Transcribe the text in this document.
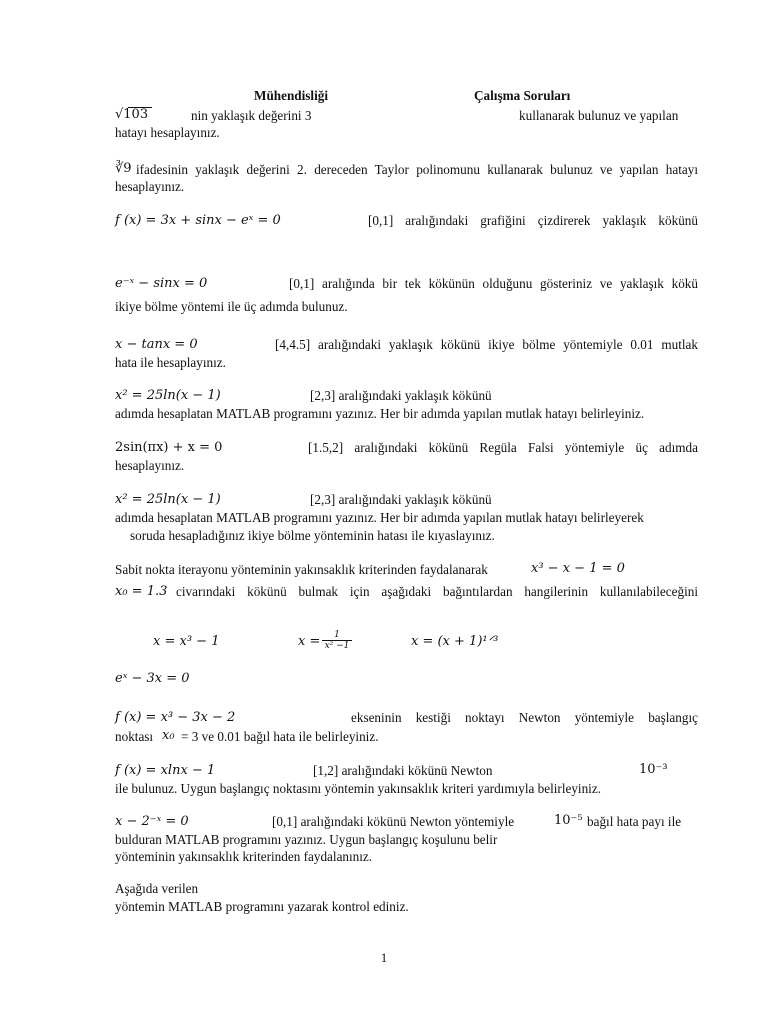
Mühendisliği	Çalışma Soruları
√103	nin yaklaşık değerini 3	kullanarak bulunuz ve yapılan
hatayı hesaplayınız.
∛9 ifadesinin yaklaşık değerini 2. dereceden Taylor polinomunu kullanarak bulunuz ve yapılan hatayı
hesaplayınız.
f (x) = 3x + sinx − eˣ = 0	[0,1] aralığındaki grafiğini çizdirerek yaklaşık kökünü
e⁻ˣ − sinx = 0	[0,1] aralığında bir tek kökünün olduğunu gösteriniz ve yaklaşık kökü
ikiye bölme yöntemi ile üç adımda bulunuz.
x − tanx = 0	[4,4.5] aralığındaki yaklaşık kökünü ikiye bölme yöntemiyle 0.01 mutlak
hata ile hesaplayınız.
x² = 25ln(x − 1)	[2,3] aralığındaki yaklaşık kökünü
adımda hesaplatan MATLAB programını yazınız. Her bir adımda yapılan mutlak hatayı belirleyiniz.
2sin(πx) + x = 0	[1.5,2] aralığındaki kökünü Regüla Falsi yöntemiyle üç adımda
hesaplayınız.
x² = 25ln(x − 1)	[2,3] aralığındaki yaklaşık kökünü
adımda hesaplatan MATLAB programını yazınız. Her bir adımda yapılan mutlak hatayı belirleyerek
soruda hesapladığınız ikiye bölme yönteminin hatası ile kıyaslayınız.
Sabit nokta iterayonu yönteminin yakınsaklık kriterinden faydalanarak	x³ − x − 1 = 0
x₀ = 1.3 civarındaki kökünü bulmak için aşağıdaki bağıntılardan hangilerinin kullanılabileceğini
x = x³ − 1	$x = \frac{1}{\text{x² −1}}$	x = (x + 1)¹ᐟ³
eˣ − 3x = 0
f (x) = x³ − 3x − 2	ekseninin kestiği noktayı Newton yöntemiyle başlangıç
noktası x₀ = 3 ve 0.01 bağıl hata ile belirleyiniz.
f (x) = xlnx − 1	[1,2] aralığındaki kökünü Newton	10⁻³
ile bulunuz. Uygun başlangıç noktasını yöntemin yakınsaklık kriteri yardımıyla belirleyiniz.
x − 2⁻ˣ = 0	[0,1] aralığındaki kökünü Newton yöntemiyle	10⁻⁵ bağıl hata payı ile
bulduran MATLAB programını yazınız. Uygun başlangıç koşulunu belir
yönteminin yakınsaklık kriterinden faydalanınız.
Aşağıda verilen
yöntemin MATLAB programını yazarak kontrol ediniz.
1
